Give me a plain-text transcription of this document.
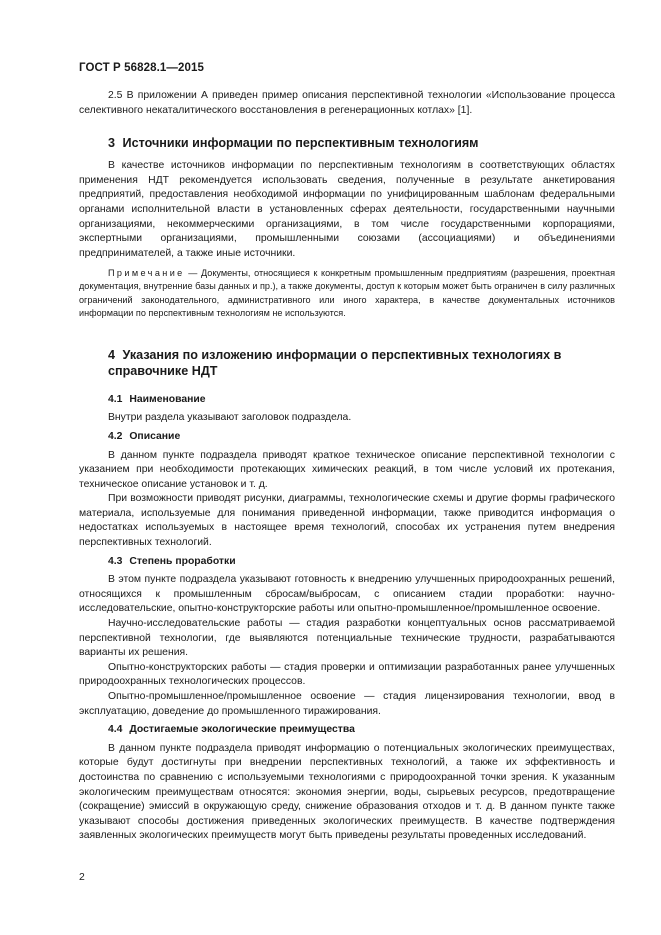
ГОСТ Р 56828.1—2015

2.5 В приложении А приведен пример описания перспективной технологии «Использование процесса селективного некаталитического восстановления в регенерационных котлах» [1].

3 Источники информации по перспективным технологиям

В качестве источников информации по перспективным технологиям в соответствующих областях применения НДТ рекомендуется использовать сведения, полученные в результате анкетирования предприятий, предоставления необходимой информации по унифицированным шаблонам федеральными органами исполнительной власти в установленных сферах деятельности, государственными научными организациями, некоммерческими организациями, в том числе государственными корпорациями, экспертными организациями, промышленными союзами (ассоциациями) и объединениями предпринимателей, а также иные источники.

Примечание — Документы, относящиеся к конкретным промышленным предприятиям (разрешения, проектная документация, внутренние базы данных и пр.), а также документы, доступ к которым может быть ограничен в силу различных ограничений законодательного, административного или иного характера, в качестве документальных источников информации по перспективным технологиям не используются.

4 Указания по изложению информации о перспективных технологиях в справочнике НДТ
4.1 Наименование

Внутри раздела указывают заголовок подраздела.

4.2 Описание

В данном пункте подраздела приводят краткое техническое описание перспективной технологии с указанием при необходимости протекающих химических реакций, в том числе условий их протекания, техническое описание установок и т. д.

При возможности приводят рисунки, диаграммы, технологические схемы и другие формы графического материала, используемые для понимания приведенной информации, также приводится информация о недостатках используемых в настоящее время технологий, способах их устранения путем внедрения перспективных технологий.

4.3 Степень проработки

В этом пункте подраздела указывают готовность к внедрению улучшенных природоохранных решений, относящихся к промышленным сбросам/выбросам, с описанием стадии проработки: научно-исследовательские, опытно-конструкторские работы или опытно-промышленное/промышленное освоение.

Научно-исследовательские работы — стадия разработки концептуальных основ рассматриваемой перспективной технологии, где выявляются потенциальные технические трудности, разрабатываются варианты их решения.

Опытно-конструкторских работы — стадия проверки и оптимизации разработанных ранее улучшенных природоохранных технологических процессов.

Опытно-промышленное/промышленное освоение — стадия лицензирования технологии, ввод в эксплуатацию, доведение до промышленного тиражирования.

4.4 Достигаемые экологические преимущества

В данном пункте подраздела приводят информацию о потенциальных экологических преимуществах, которые будут достигнуты при внедрении перспективных технологий, а также их эффективность и достоинства по сравнению с используемыми технологиями с природоохранной точки зрения. К указанным экологическим преимуществам относятся: экономия энергии, воды, сырьевых ресурсов, предотвращение (сокращение) эмиссий в окружающую среду, снижение образования отходов и т. д. В данном пункте также указывают способы достижения приведенных экологических преимуществ. В качестве подтверждения заявленных экологических преимуществ могут быть приведены результаты проведенных исследований.

2
